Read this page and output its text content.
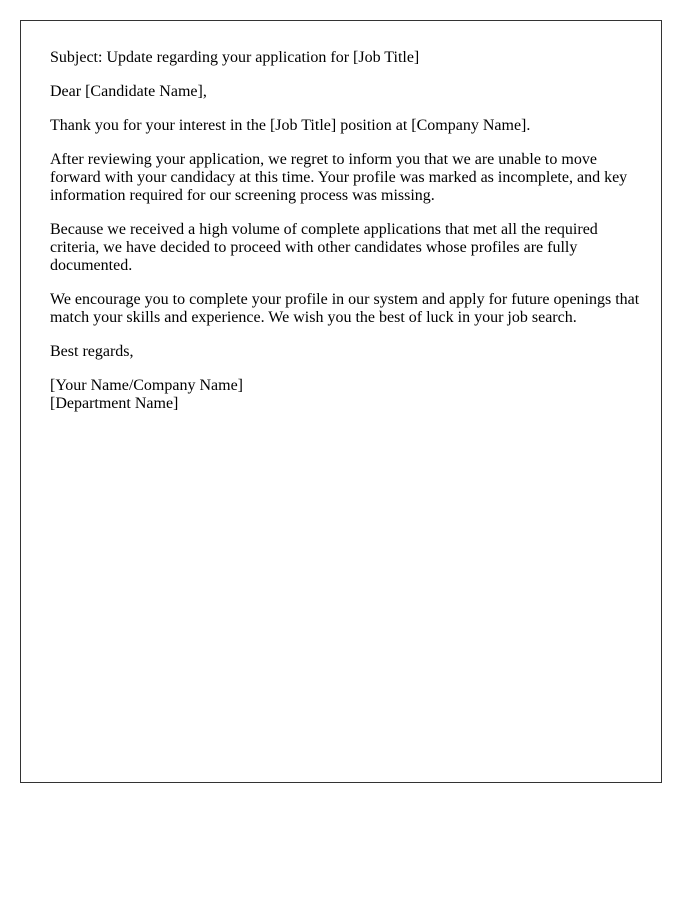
Subject: Update regarding your application for [Job Title]

Dear [Candidate Name],

Thank you for your interest in the [Job Title] position at [Company Name].

After reviewing your application, we regret to inform you that we are unable to move forward with your candidacy at this time. Your profile was marked as incomplete, and key information required for our screening process was missing.

Because we received a high volume of complete applications that met all the required criteria, we have decided to proceed with other candidates whose profiles are fully documented.

We encourage you to complete your profile in our system and apply for future openings that match your skills and experience. We wish you the best of luck in your job search.

Best regards,

[Your Name/Company Name]
[Department Name]
